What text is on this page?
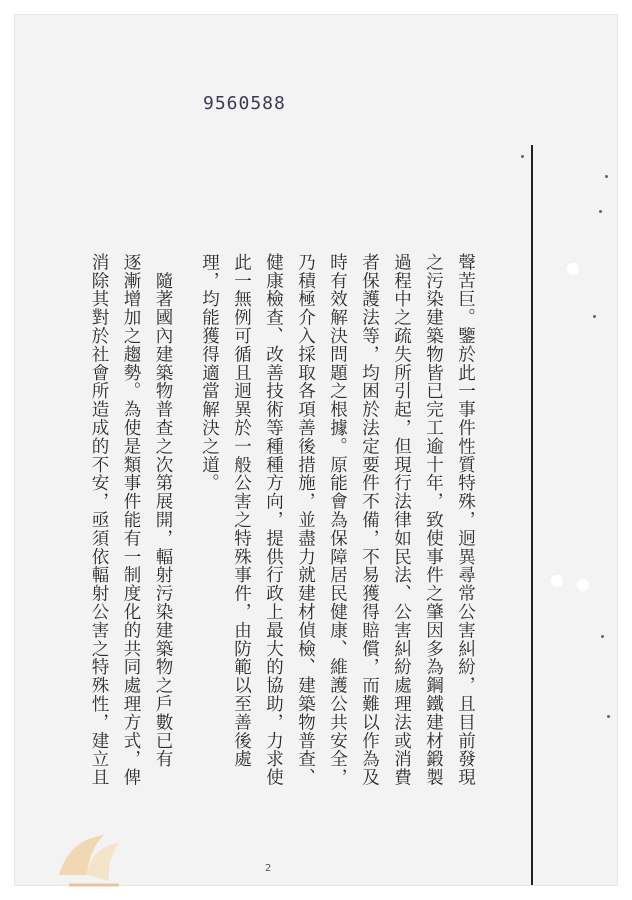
9560588

聲苦巨。鑒於此一事件性質特殊，迥異尋常公害糾紛，且目前發現

之污染建築物皆已完工逾十年，致使事件之肇因多為鋼鐵建材鍛製

過程中之疏失所引起，但現行法律如民法、公害糾紛處理法或消費

者保護法等，均困於法定要件不備，不易獲得賠償，而難以作為及

時有效解決問題之根據。原能會為保障居民健康、維護公共安全，

乃積極介入採取各項善後措施，並盡力就建材偵檢、建築物普查、

健康檢查、改善技術等種種方向，提供行政上最大的協助，力求使

此一無例可循且迥異於一般公害之特殊事件，由防範以至善後處

理，均能獲得適當解決之道。

　隨著國內建築物普查之次第展開，輻射污染建築物之戶數已有

逐漸增加之趨勢。為使是類事件能有一制度化的共同處理方式，俾

消除其對於社會所造成的不安，亟須依輻射公害之特殊性，建立且

2
